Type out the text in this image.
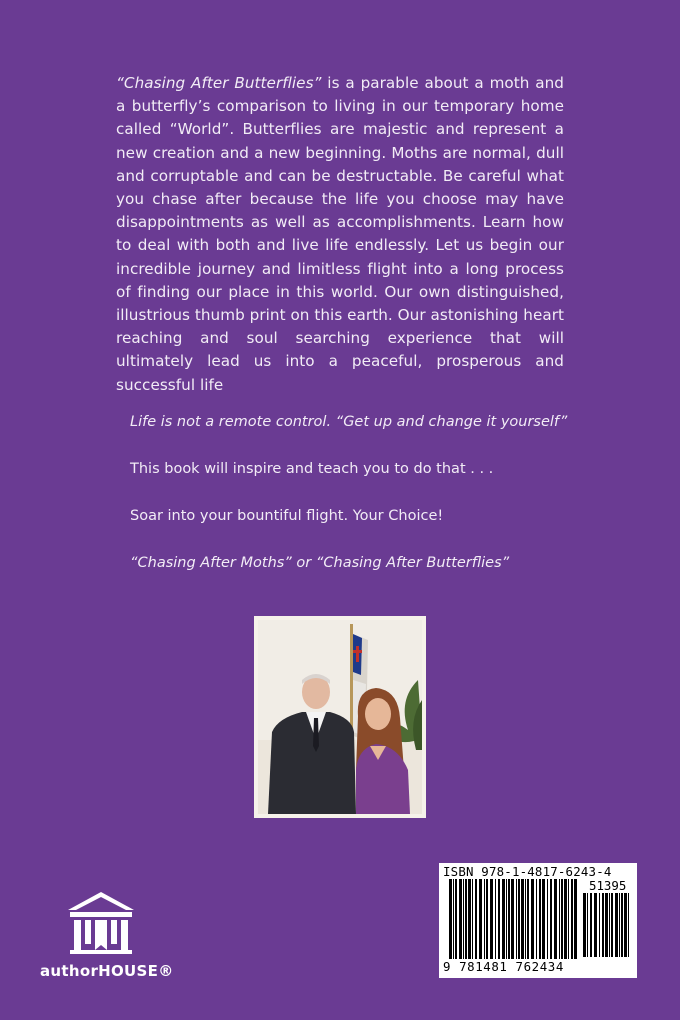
“Chasing After Butterflies” is a parable about a moth and a butterfly’s comparison to living in our temporary home called “World”. Butterflies are majestic and represent a new creation and a new beginning. Moths are normal, dull and corruptable and can be destructable. Be careful what you chase after because the life you choose may have disappointments as well as accomplishments. Learn how to deal with both and live life endlessly. Let us begin our incredible journey and limitless flight into a long process of finding our place in this world. Our own distinguished, illustrious thumb print on this earth. Our astonishing heart reaching and soul searching experience that will ultimately lead us into a peaceful, prosperous and successful life

Life is not a remote control. “Get up and change it yourself”

This book will inspire and teach you to do that . . .

Soar into your bountiful flight. Your Choice!

“Chasing After Moths” or “Chasing After Butterflies”

authorHOUSE®
ISBN 978-1-4817-6243-4
51395
9 781481 762434
